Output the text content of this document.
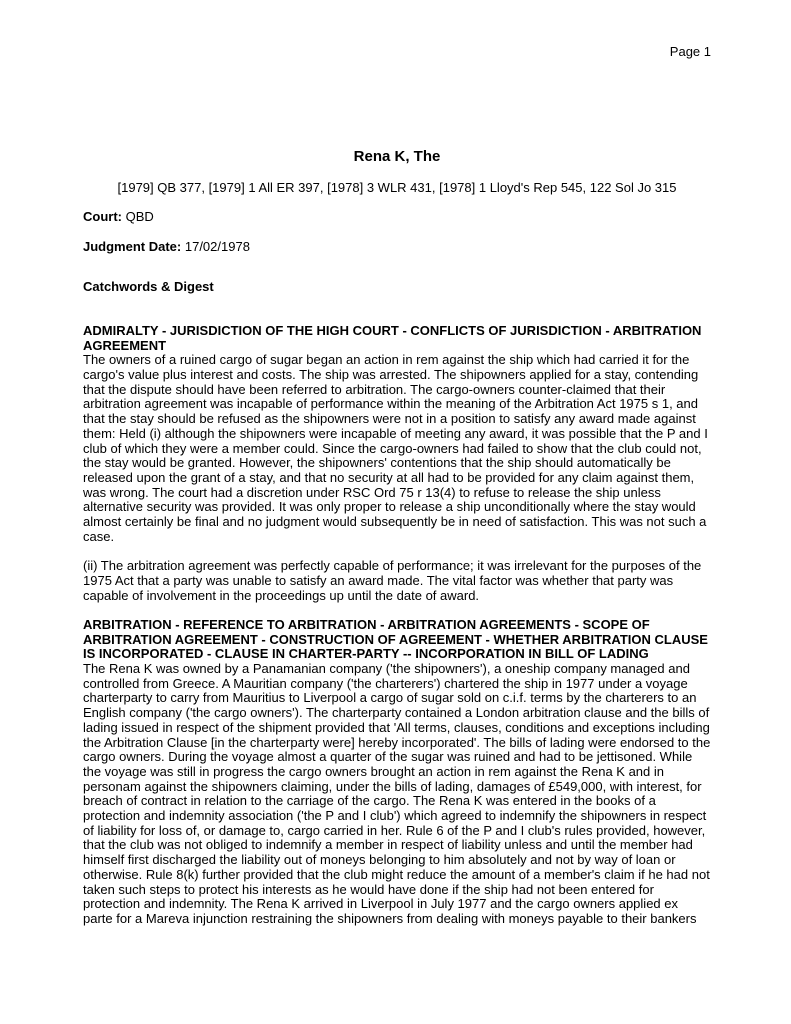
Page 1
Rena K, The
[1979] QB 377, [1979] 1 All ER 397, [1978] 3 WLR 431, [1978] 1 Lloyd's Rep 545, 122 Sol Jo 315
Court: QBD
Judgment Date: 17/02/1978
Catchwords & Digest
ADMIRALTY - JURISDICTION OF THE HIGH COURT - CONFLICTS OF JURISDICTION - ARBITRATION AGREEMENT

The owners of a ruined cargo of sugar began an action in rem against the ship which had carried it for the cargo's value plus interest and costs. The ship was arrested. The shipowners applied for a stay, contending that the dispute should have been referred to arbitration. The cargo-owners counter-claimed that their arbitration agreement was incapable of performance within the meaning of the Arbitration Act 1975 s 1, and that the stay should be refused as the shipowners were not in a position to satisfy any award made against them: Held (i) although the shipowners were incapable of meeting any award, it was possible that the P and I club of which they were a member could. Since the cargo-owners had failed to show that the club could not, the stay would be granted. However, the shipowners' contentions that the ship should automatically be released upon the grant of a stay, and that no security at all had to be provided for any claim against them, was wrong. The court had a discretion under RSC Ord 75 r 13(4) to refuse to release the ship unless alternative security was provided. It was only proper to release a ship unconditionally where the stay would almost certainly be final and no judgment would subsequently be in need of satisfaction. This was not such a case.

(ii) The arbitration agreement was perfectly capable of performance; it was irrelevant for the purposes of the 1975 Act that a party was unable to satisfy an award made. The vital factor was whether that party was capable of involvement in the proceedings up until the date of award.

ARBITRATION - REFERENCE TO ARBITRATION - ARBITRATION AGREEMENTS - SCOPE OF ARBITRATION AGREEMENT - CONSTRUCTION OF AGREEMENT - WHETHER ARBITRATION CLAUSE IS INCORPORATED - CLAUSE IN CHARTER-PARTY -- INCORPORATION IN BILL OF LADING

The Rena K was owned by a Panamanian company ('the shipowners'), a oneship company managed and controlled from Greece. A Mauritian company ('the charterers') chartered the ship in 1977 under a voyage charterparty to carry from Mauritius to Liverpool a cargo of sugar sold on c.i.f. terms by the charterers to an English company ('the cargo owners'). The charterparty contained a London arbitration clause and the bills of lading issued in respect of the shipment provided that 'All terms, clauses, conditions and exceptions including the Arbitration Clause [in the charterparty were] hereby incorporated'. The bills of lading were endorsed to the cargo owners. During the voyage almost a quarter of the sugar was ruined and had to be jettisoned. While the voyage was still in progress the cargo owners brought an action in rem against the Rena K and in personam against the shipowners claiming, under the bills of lading, damages of £549,000, with interest, for breach of contract in relation to the carriage of the cargo. The Rena K was entered in the books of a protection and indemnity association ('the P and I club') which agreed to indemnify the shipowners in respect of liability for loss of, or damage to, cargo carried in her. Rule 6 of the P and I club's rules provided, however, that the club was not obliged to indemnify a member in respect of liability unless and until the member had himself first discharged the liability out of moneys belonging to him absolutely and not by way of loan or otherwise. Rule 8(k) further provided that the club might reduce the amount of a member's claim if he had not taken such steps to protect his interests as he would have done if the ship had not been entered for protection and indemnity. The Rena K arrived in Liverpool in July 1977 and the cargo owners applied ex parte for a Mareva injunction restraining the shipowners from dealing with moneys payable to their bankers
